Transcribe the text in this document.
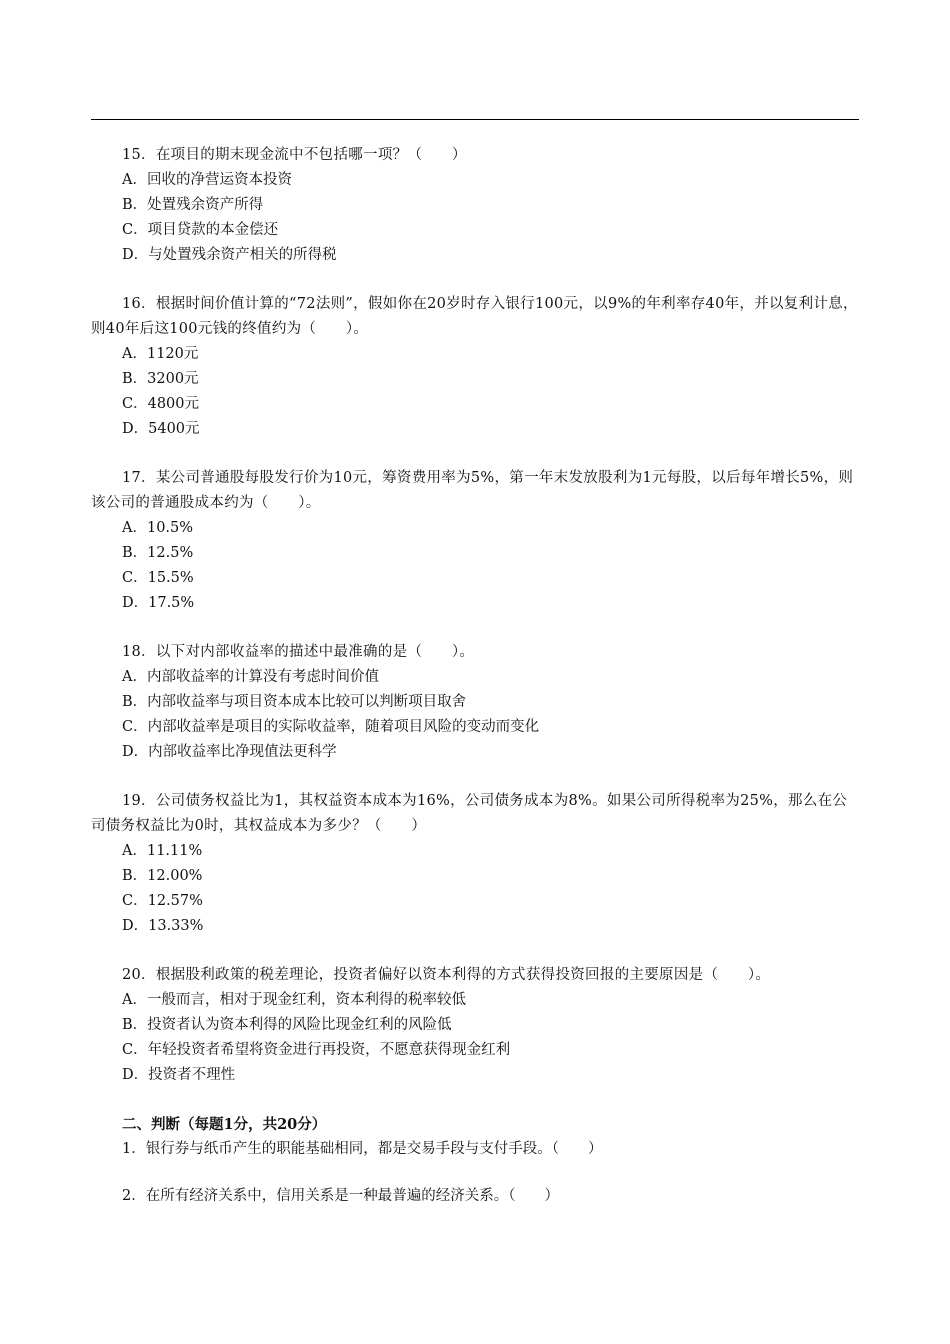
15．在项目的期末现金流中不包括哪一项？（　　）
A．回收的净营运资本投资
B．处置残余资产所得
C．项目贷款的本金偿还
D．与处置残余资产相关的所得税
16．根据时间价值计算的“72法则”，假如你在20岁时存入银行100元，以9%的年利率存40年，并以复利计息，则40年后这100元钱的终值约为（　　）。
A．1120元
B．3200元
C．4800元
D．5400元
17．某公司普通股每股发行价为10元，筹资费用率为5%，第一年末发放股利为1元每股，以后每年增长5%，则该公司的普通股成本约为（　　）。
A．10.5%
B．12.5%
C．15.5%
D．17.5%
18．以下对内部收益率的描述中最准确的是（　　）。
A．内部收益率的计算没有考虑时间价值
B．内部收益率与项目资本成本比较可以判断项目取舍
C．内部收益率是项目的实际收益率，随着项目风险的变动而变化
D．内部收益率比净现值法更科学
19．公司债务权益比为1，其权益资本成本为16%，公司债务成本为8%。如果公司所得税率为25%，那么在公司债务权益比为0时，其权益成本为多少？（　　）
A．11.11%
B．12.00%
C．12.57%
D．13.33%
20．根据股利政策的税差理论，投资者偏好以资本利得的方式获得投资回报的主要原因是（　　）。
A．一般而言，相对于现金红利，资本利得的税率较低
B．投资者认为资本利得的风险比现金红利的风险低
C．年轻投资者希望将资金进行再投资，不愿意获得现金红利
D．投资者不理性
二、判断（每题1分，共20分）
1．银行券与纸币产生的职能基础相同，都是交易手段与支付手段。（　　）
2．在所有经济关系中，信用关系是一种最普遍的经济关系。（　　）
